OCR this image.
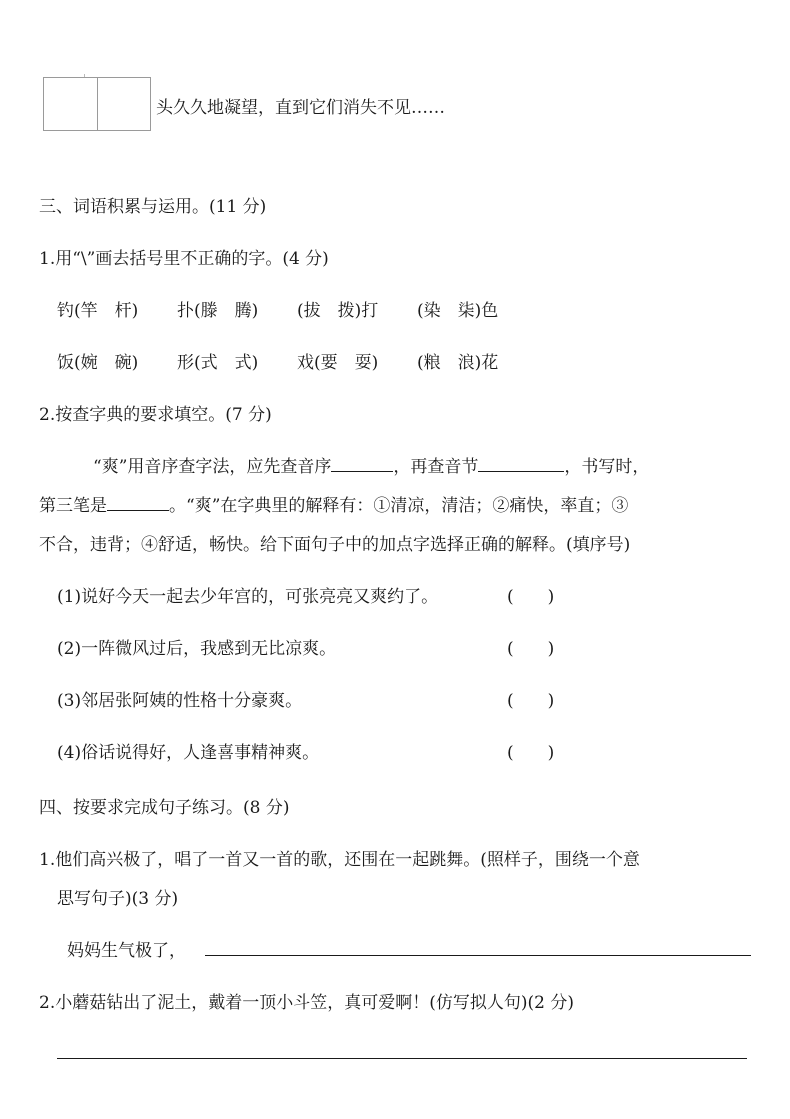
头久久地凝望，直到它们消失不见……
三、词语积累与运用。(11 分)
1.用“\”画去括号里不正确的字。(4 分)
钓(竿　杆) 扑(滕　腾) (拔　拨)打 (染　柒)色
饭(婉　碗) 形(式　式) 戏(要　耍) (粮　浪)花
2.按查字典的要求填空。(7 分)
“爽”用音序查字法，应先查音序	，再查音节	，书写时，
第三笔是	。“爽”在字典里的解释有：①清凉，清洁；②痛快，率直；③
不合，违背；④舒适，畅快。给下面句子中的加点字选择正确的解释。(填序号)
(1)说好今天一起去少年宫的，可张亮亮又爽约了。	(　　)
(2)一阵微风过后，我感到无比凉爽。	(　　)
(3)邻居张阿姨的性格十分豪爽。	(　　)
(4)俗话说得好，人逢喜事精神爽。	(　　)
四、按要求完成句子练习。(8 分)
1.他们高兴极了，唱了一首又一首的歌，还围在一起跳舞。(照样子，围绕一个意
思写句子)(3 分)
妈妈生气极了，
2.小蘑菇钻出了泥土，戴着一顶小斗笠，真可爱啊！(仿写拟人句)(2 分)
